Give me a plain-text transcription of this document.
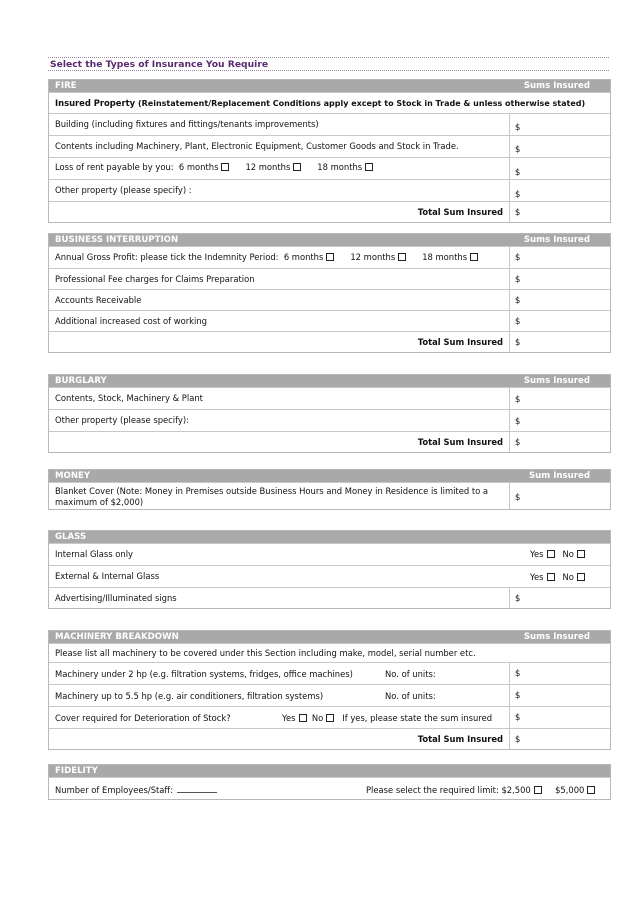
Select the Types of Insurance You Require
FIRE	Sums Insured
Insured Property (Reinstatement/Replacement Conditions apply except to Stock in Trade & unless otherwise stated)
Building (including fixtures and fittings/tenants improvements)	$
Contents including Machinery, Plant, Electronic Equipment, Customer Goods and Stock in Trade.	$
Loss of rent payable by you: 6 months	12 months	18 months	$
Other property (please specify) :	$
Total Sum Insured $
BUSINESS INTERRUPTION	Sums Insured
Annual Gross Profit: please tick the Indemnity Period: 6 months	12 months	18 months	$
Professional Fee charges for Claims Preparation	$
Accounts Receivable	$
Additional increased cost of working	$
Total Sum Insured $
BURGLARY	Sums Insured
Contents, Stock, Machinery & Plant	$
Other property (please specify):	$
Total Sum Insured $
MONEY	Sum Insured
Blanket Cover (Note: Money in Premises outside Business Hours and Money in Residence is limited to a
maximum of $2,000)	$
GLASS
Internal Glass only	Yes No
External & Internal Glass	Yes No
Advertising/Illuminated signs	$
MACHINERY BREAKDOWN	Sums Insured
Please list all machinery to be covered under this Section including make, model, serial number etc.
Machinery under 2 hp (e.g. filtration systems, fridges, office machines)	No. of units:	$
Machinery up to 5.5 hp (e.g. air conditioners, filtration systems)	No. of units:	$
Cover required for Deterioration of Stock?	Yes No If yes, please state the sum insured	$
Total Sum Insured $
FIDELITY
Number of Employees/Staff:	Please select the required limit: $2,500	$5,000
